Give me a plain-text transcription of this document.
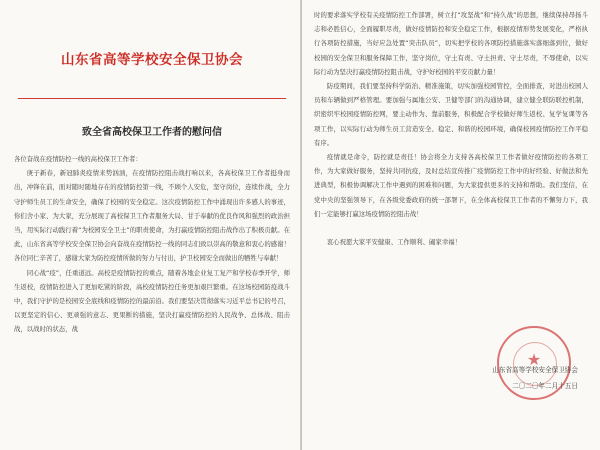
山东省高等学校安全保卫协会
致全省高校保卫工作者的慰问信
各位奋战在疫情防控一线的高校保卫工作者：

庚子新春，新冠肺炎疫情来势汹汹，在疫情防控阻击战打响以来，各高校保卫工作者挺身而出，冲锋在前，面对随时随地存在的疫情防控第一线，不顾个人安危，坚守岗位，连续作战，全力守护师生员工的生命安全，确保了校园的安全稳定。这次疫情防控工作中涌现出许多感人的事迹，你们舍小家、为大家，充分展现了高校保卫工作者服务大局、甘于奉献的优良作风和强烈的政治担当，用实际行动践行着“为校园安全卫士”的职责使命，为打赢疫情防控阻击战作出了积极贡献。在此，山东省高等学校安全保卫协会向奋战在疫情防控一线的同志们致以崇高的敬意和衷心的感谢！各位同仁辛苦了，感谢大家为防控疫情所做的努力与付出，护卫校园安全而做出的牺牲与奉献！

同心战“疫”，任重道远。高校是疫情防控的重点，随着各地企业复工复产和学校春季开学，师生返校，疫情防控进入了更加吃紧的阶段，高校疫情防控任务更加艰巨繁重。在这场校园防疫战斗中，我们守护的是校园安全底线和疫情防控的最前沿。我们要坚决贯彻落实习近平总书记的号召，以更坚定的信心、更顽强的意志、更果断的措施，坚决打赢疫情防控的人民战争、总体战、阻击战，以战时的状态，战

时的要求落实学校有关疫情防控工作部署，树立打“攻坚战”和“持久战”的思想，继续保持昂扬斗志和必胜信心，全面履职尽责，做好疫情防控和安全稳定工作，根据疫情形势发展变化，严格执行各项防控措施，当好应急处置“突击队员”，切实把学校的各项防控措施落实落细落到位，做好校园的安全保卫和服务保障工作，坚守岗位，守土有责、守土担责、守土尽责，不辱使命，以实际行动为坚决打赢疫情防控阻击战，守护好校园的平安贡献力量！

防疫期间，我们要坚持科学防治、精准施策，切实加强校园管控，全面排查，对进出校园人员和车辆做到严格管理。要加强与属地公安、卫健等部门的沟通协调，建立健全联防联控机制，织密织牢校园疫情防控网，要主动作为、靠前服务，积极配合学校做好师生返校、复学复课等各项工作，以实际行动为师生员工营造安全、稳定、和谐的校园环境，确保校园疫情防控工作平稳有序。

疫情就是命令，防控就是责任！协会将全力支持各高校保卫工作者做好疫情防控的各项工作，为大家做好服务，坚持共同抗疫，及时总结宣传推广疫情防控工作中的好经验、好做法和先进典型，积极协调解决工作中遇到的困难和问题，为大家提供更多的支持和帮助。我们坚信，在党中央的坚强领导下，在各级党委政府的统一部署下，在全体高校保卫工作者的不懈努力下，我们一定能够打赢这场疫情防控阻击战！

衷心祝愿大家平安健康、工作顺利、阖家幸福！
★
山东省高等学校安全保卫协会
二〇二〇年二月十五日
